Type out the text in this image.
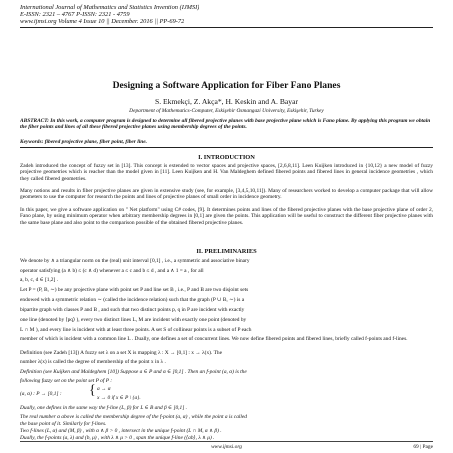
International Journal of Mathematics and Statistics Invention (IJMSI)
E-ISSN: 2321 – 4767 P-ISSN: 2321 - 4759
www.ijmsi.org Volume 4 Issue 10 || December. 2016 || PP-69-72
Designing a Software Application for Fiber Fano Planes
S. Ekmekçi, Z. Akça*, H. Keskin and A. Bayar
Department of Mathematics-Computer, Eskişehir Osmangazi University, Eskişehir, Turkey
ABSTRACT: In this work, a computer program is designed to determine all fibered projective planes with base projective plane which is Fano plane. By applying this program we obtain the fiber points and lines of all these fibered projective planes using membership degrees of the points.
Keywords: fibered projective plane, fiber point, fiber line.
I. INTRODUCTION
Zadeh introduced the concept of fuzzy set in [13]. This concept is extended to vector spaces and projective spaces, [2,6,8,11]. Leen Kuijken introduced in {10,12} a new model of fuzzy projective geometries which is reacher than the model given in [11]. Leen Kuijken and H. Van Maldeghem defined fibered points and fibered lines in general incidence geometries , which they called fibered geometries.
Many notions and results in fiber projective planes are given in extensive study (see, for example, [3,4,5,10,11]). Many of researchers worked to develop a computer package that will allow geometers to use the computer for research the points and lines of projective planes of small order in incidence geometry.
In this paper, we give a software application on " Net platform" using C# codes, [9]. It determines points and lines of the fibered projective planes with the base projective plane of order 2, Fano plane, by using minimum operator when arbitrary membership degrees in [0,1] are given the points. This application will be useful to construct the different fiber projective planes with the same base plane and also point to the comparison possible of the obtained fibered projective planes.
II. PRELIMINARIES
We denote by ∧ a triangular norm on the (real) unit interval [0,1] , i.e., a symmetric and associative binary
operator satisfying (a ∧ b) ≤ (c ∧ d) whenever a ≤ c and b ≤ d , and a ∧ 1 = a , for all
a, b, c, d ∈ [1,2] .
Let P = (P, B, ∼) be any projective plane with point set P and line set B , i.e., P and B are two disjoint sets
endowed with a symmetric relation ∼ (called the incidence relation) such that the graph (P ∪ B, ∼) is a
bipartite graph with classes P and B , and such that two distinct points p, q in P are incident with exactly
one line (denoted by ⟨pq⟩ ), every two distinct lines L, M are incident with exactly one point (denoted by
L ∩ M ), and every line is incident with at least three points. A set S of collinear points is a subset of P each
member of which is incident with a common line L . Dually, one defines a set of concurrent lines. We now define fibered points and fibered lines, briefly called f-points and f-lines.
Definition (see Zadeh [13]) A fuzzy set λ on a set X is mapping λ : X → [0,1] : x → λ(x). The
number λ(x) is called the degree of membership of the point x in λ .
Definition (see Kuijken and Maldeghem [10]) Suppose a ∈ P and α ∈ ]0,1] . Then an f-point (a, α) is the
following fuzzy set on the point set P of P :
(a, α) : P → [0,1] : { a → α
x → 0 if x ∈ P \ {a}.
Dually, one defines in the same way the f-line (L, β) for L ∈ B and β ∈ ]0,1] .
The real number α above is called the membership degree of the f-point (a, α) , while the point a is called
the base point of it. Similarly for f-lines.
Two f-lines (L, α) and (M, β) , with α ∧ β > 0 , intersect in the unique f-point (L ∩ M, α ∧ β) .
Dually, the f-points (a, λ) and (b, μ) , with λ ∧ μ > 0 , span the unique f-line (⟨ab⟩, λ ∧ μ) .
www.ijmsi.org	69 | Page
